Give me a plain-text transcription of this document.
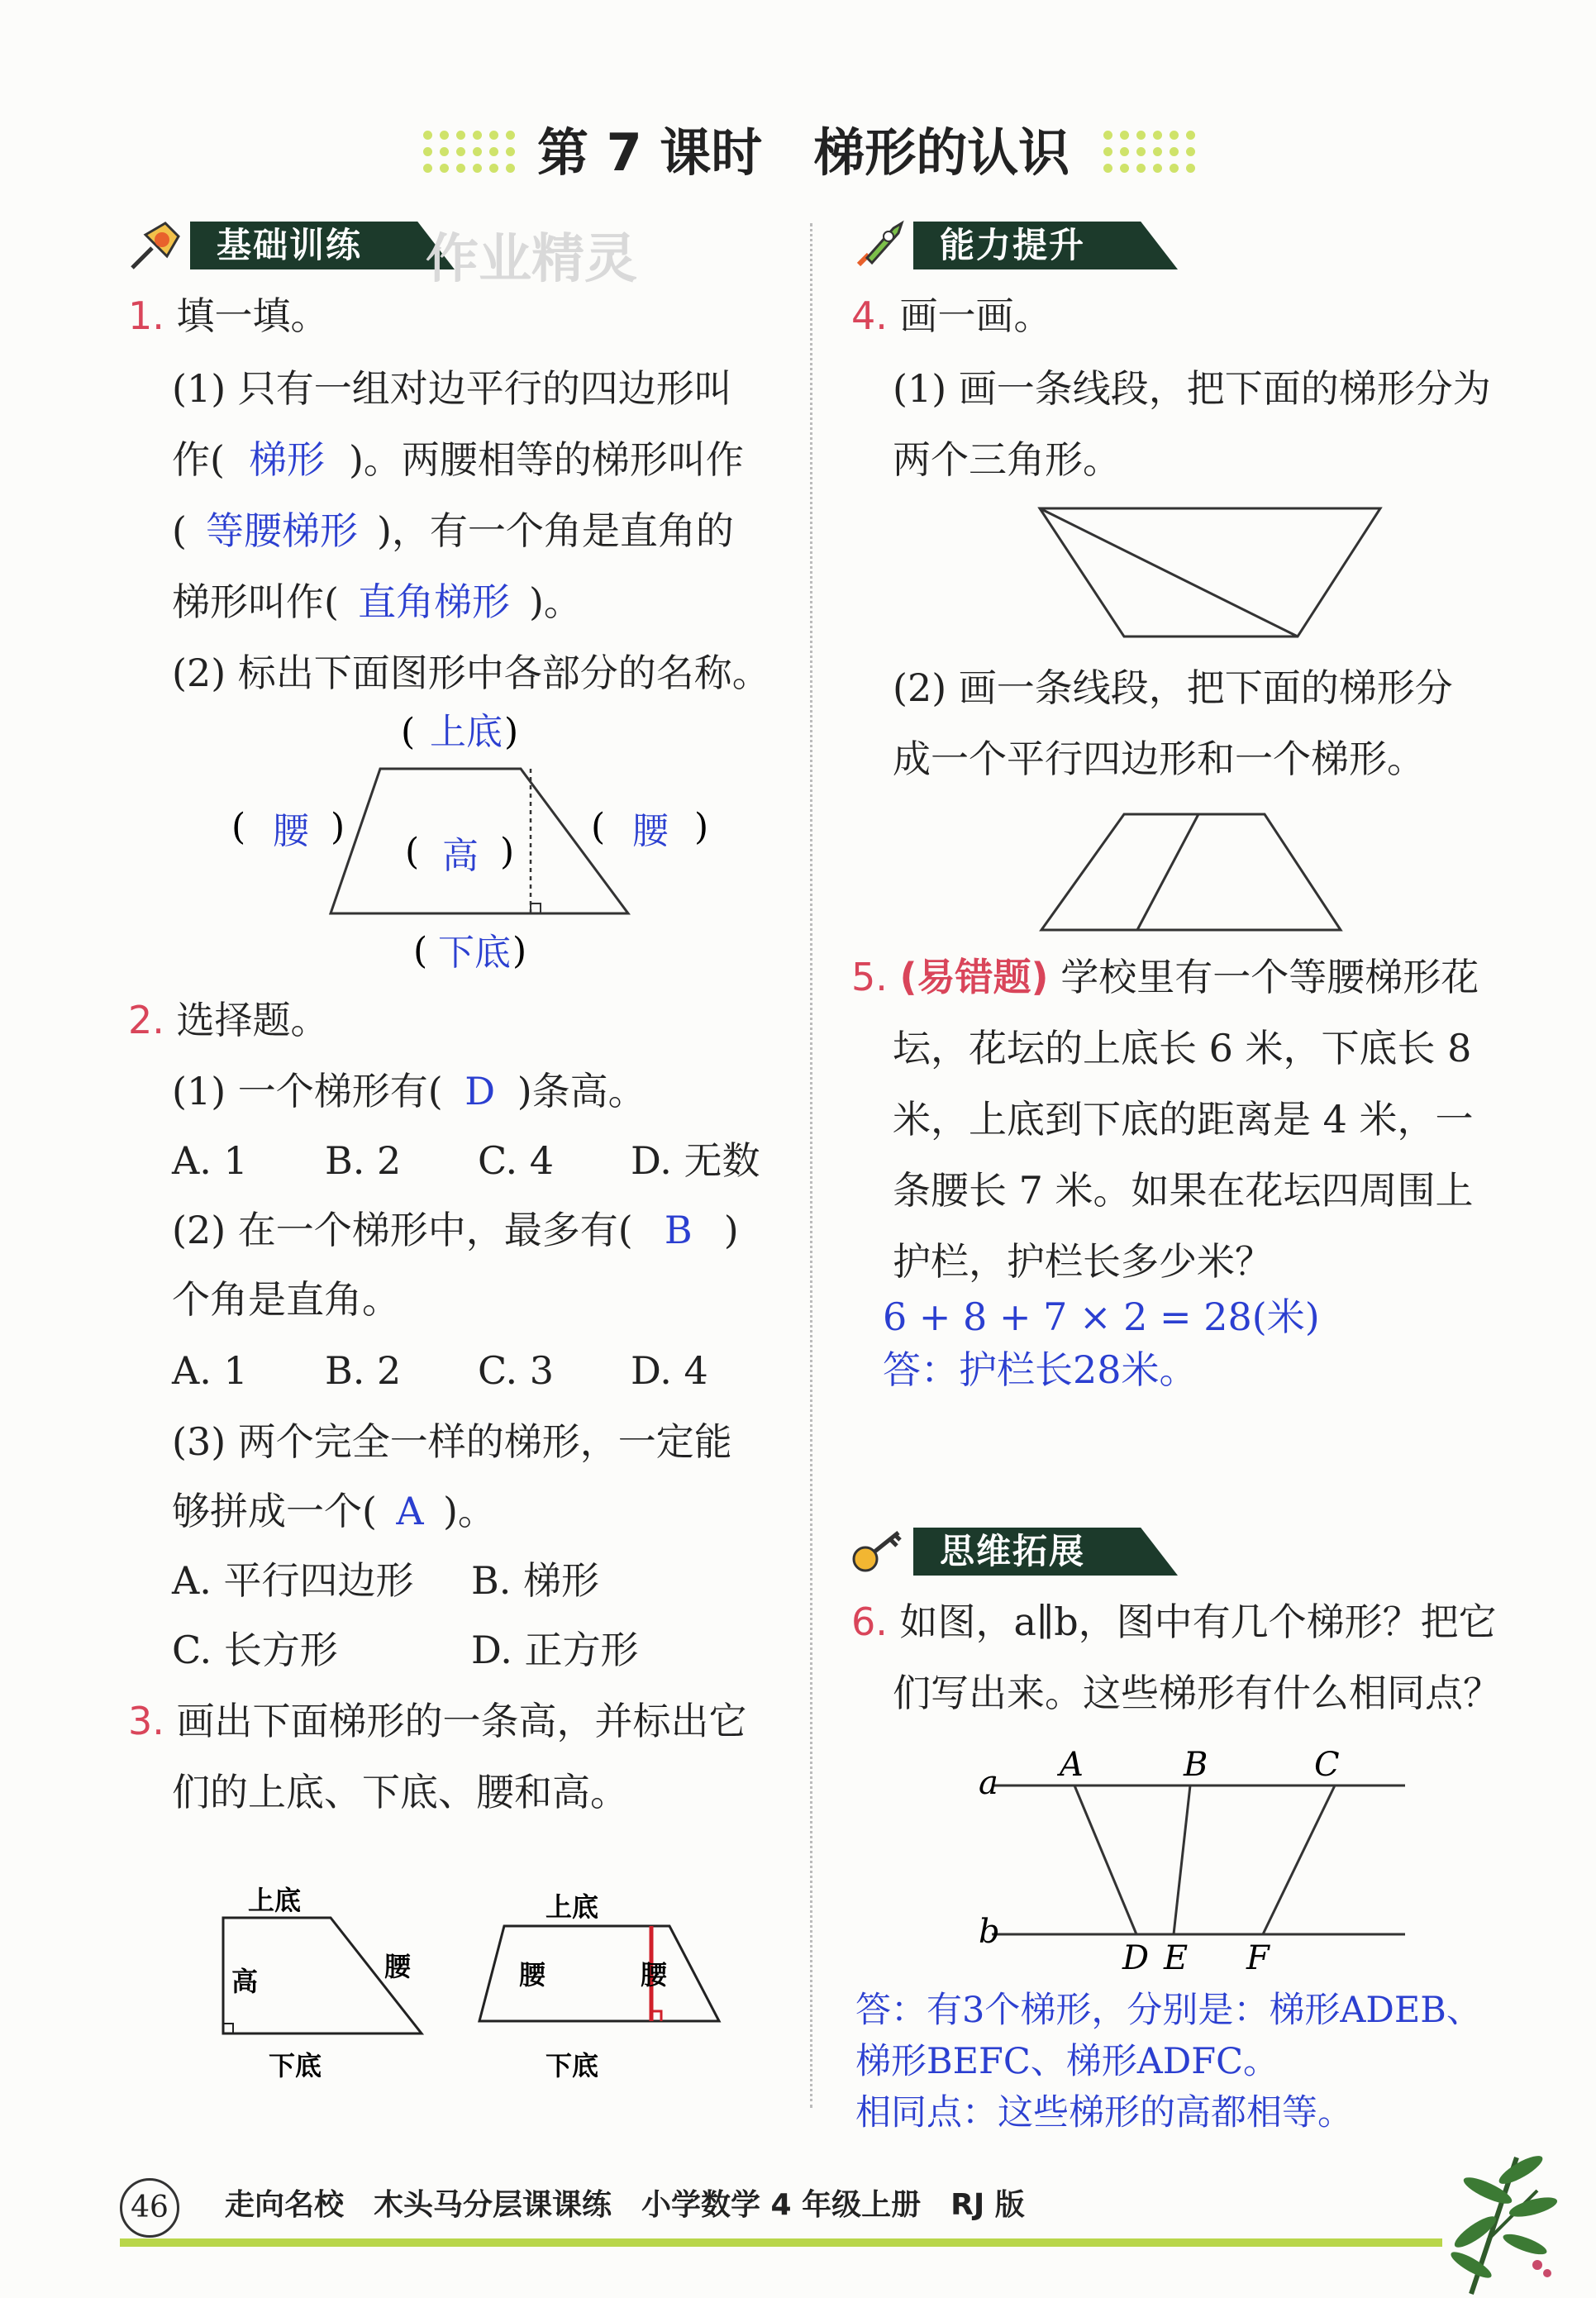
第 7 课时　梯形的认识
基础训练 作业精灵	能力提升
思维拓展
1. 填一填。
(1) 只有一组对边平行的四边形叫
作( 梯形 )。两腰相等的梯形叫作
( 等腰梯形 )，有一个角是直角的
梯形叫作( 直角梯形 )。
(2) 标出下面图形中各部分的名称。
( 上底 )
( 腰 )
( 高 )
( 腰 )
( 下底 )
2. 选择题。
(1) 一个梯形有( D )条高。
A. 1 B. 2 C. 4 D. 无数
(2) 在一个梯形中，最多有( B )
个角是直角。
A. 1 B. 2 C. 3 D. 4
(3) 两个完全一样的梯形，一定能
够拼成一个( A )。
A. 平行四边形 B. 梯形
C. 长方形	D. 正方形
3. 画出下面梯形的一条高，并标出它
们的上底、下底、腰和高。
上底
高	腰
下底
上底
腰	腰
下底
4. 画一画。
(1) 画一条线段，把下面的梯形分为
两个三角形。
(2) 画一条线段，把下面的梯形分
成一个平行四边形和一个梯形。
5. (易错题) 学校里有一个等腰梯形花
坛，花坛的上底长 6 米，下底长 8
米，上底到下底的距离是 4 米，一
条腰长 7 米。如果在花坛四周围上
护栏，护栏长多少米？
6 + 8 + 7 × 2 = 28(米)
答：护栏长28米。
6. 如图，a∥b，图中有几个梯形？把它
们写出来。这些梯形有什么相同点？
a
b
A	B	C
D E F
答：有3个梯形，分别是：梯形ADEB、
梯形BEFC、梯形ADFC。
相同点：这些梯形的高都相等。
46	走向名校　木头马分层课课练　小学数学 4 年级上册　RJ 版
